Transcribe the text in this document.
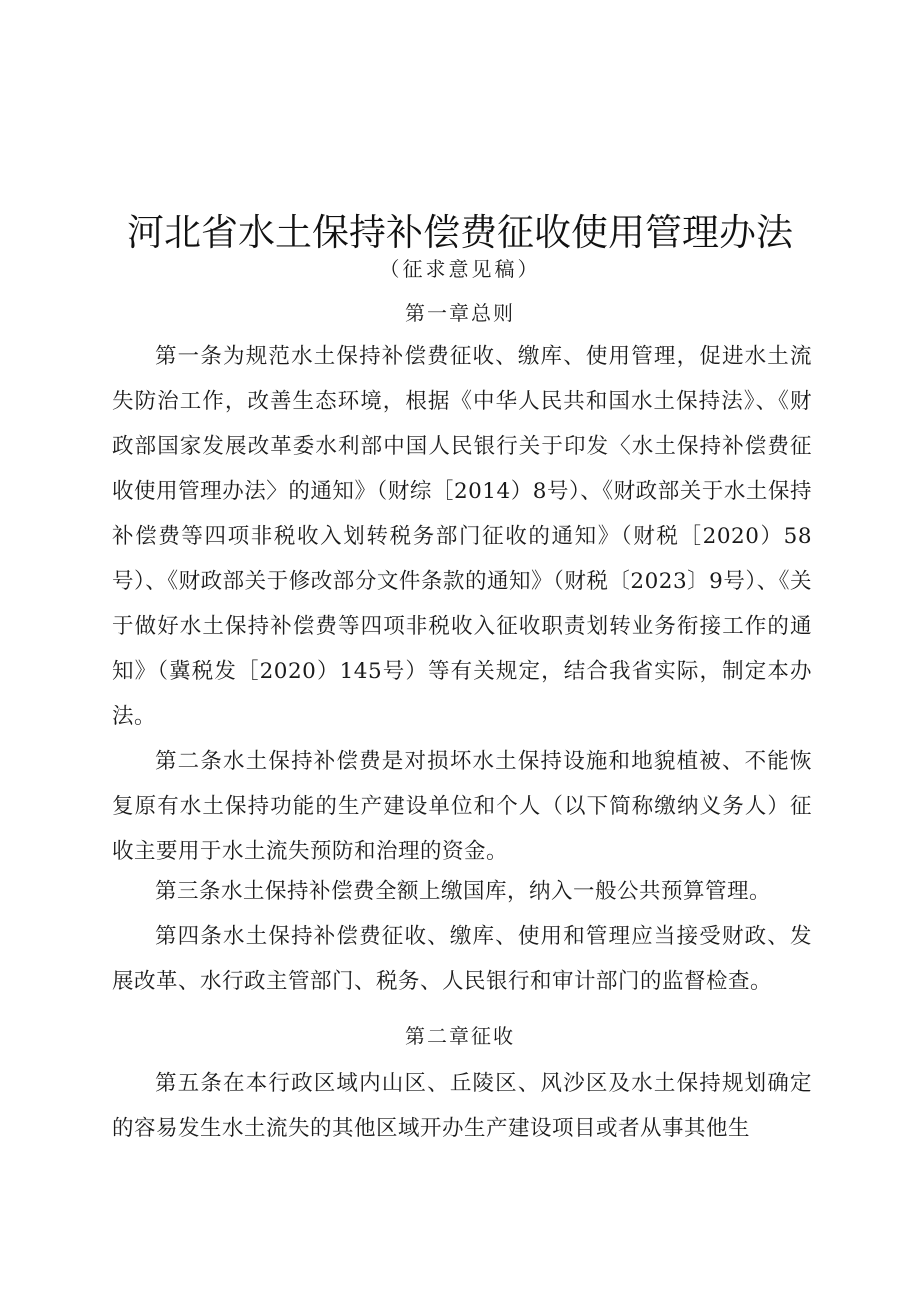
河北省水土保持补偿费征收使用管理办法
（征求意见稿）
第一章总则

第一条为规范水土保持补偿费征收、缴库、使用管理，促进水土流失防治工作，改善生态环境，根据《中华人民共和国水土保持法》、《财政部国家发展改革委水利部中国人民银行关于印发〈水土保持补偿费征收使用管理办法〉的通知》（财综［2014）8号）、《财政部关于水土保持补偿费等四项非税收入划转税务部门征收的通知》（财税［2020）58号）、《财政部关于修改部分文件条款的通知》（财税〔2023〕9号）、《关于做好水土保持补偿费等四项非税收入征收职责划转业务衔接工作的通知》（冀税发［2020）145号）等有关规定，结合我省实际，制定本办法。

第二条水土保持补偿费是对损坏水土保持设施和地貌植被、不能恢复原有水土保持功能的生产建设单位和个人（以下简称缴纳义务人）征收主要用于水土流失预防和治理的资金。

第三条水土保持补偿费全额上缴国库，纳入一般公共预算管理。

第四条水土保持补偿费征收、缴库、使用和管理应当接受财政、发展改革、水行政主管部门、税务、人民银行和审计部门的监督检查。

第二章征收

第五条在本行政区域内山区、丘陵区、风沙区及水土保持规划确定的容易发生水土流失的其他区域开办生产建设项目或者从事其他生
